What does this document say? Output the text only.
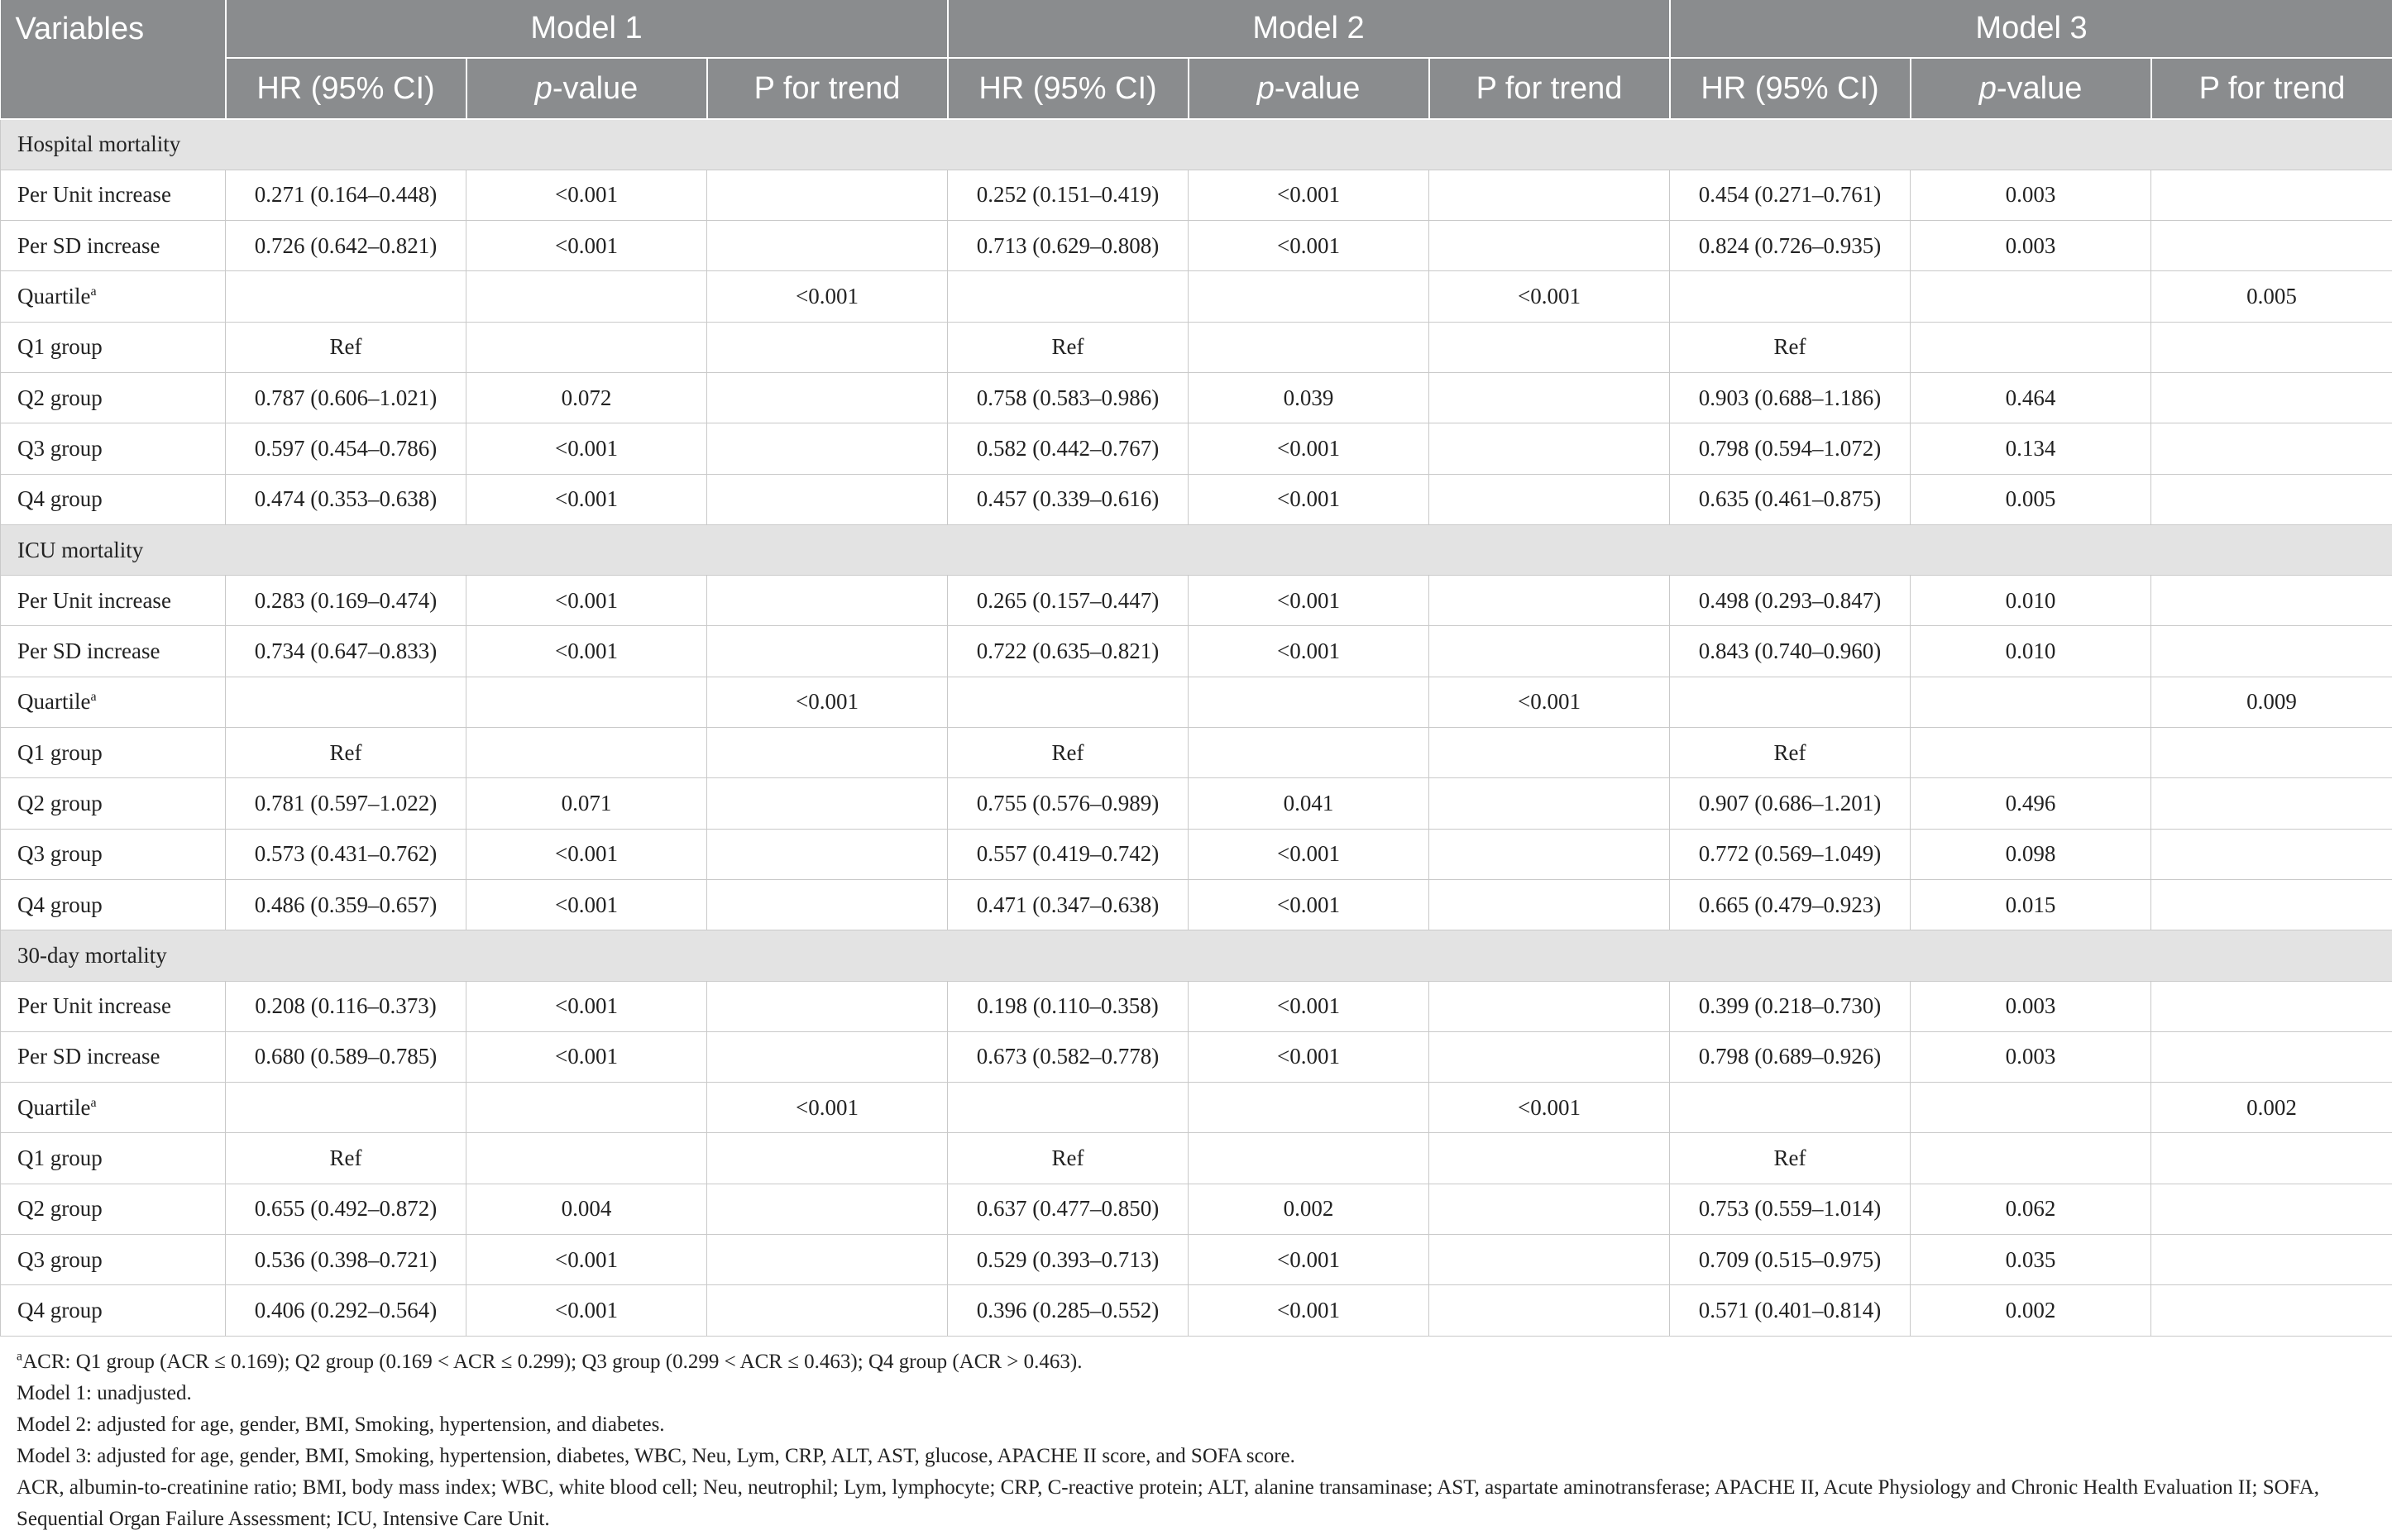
Variables	Model 1			Model 2			Model 3		
	HR (95% CI)	p-value	P for trend	HR (95% CI)	p-value	P for trend	HR (95% CI)	p-value	P for trend
Hospital mortality									
Per Unit increase	0.271 (0.164–0.448)	<0.001		0.252 (0.151–0.419)	<0.001		0.454 (0.271–0.761)	0.003	
Per SD increase	0.726 (0.642–0.821)	<0.001		0.713 (0.629–0.808)	<0.001		0.824 (0.726–0.935)	0.003	
Quartile$^a$			<0.001			<0.001			0.005
Q1 group	Ref			Ref			Ref		
Q2 group	0.787 (0.606–1.021)	0.072		0.758 (0.583–0.986)	0.039		0.903 (0.688–1.186)	0.464	
Q3 group	0.597 (0.454–0.786)	<0.001		0.582 (0.442–0.767)	<0.001		0.798 (0.594–1.072)	0.134	
Q4 group	0.474 (0.353–0.638)	<0.001		0.457 (0.339–0.616)	<0.001		0.635 (0.461–0.875)	0.005	
ICU mortality									
Per Unit increase	0.283 (0.169–0.474)	<0.001		0.265 (0.157–0.447)	<0.001		0.498 (0.293–0.847)	0.010	
Per SD increase	0.734 (0.647–0.833)	<0.001		0.722 (0.635–0.821)	<0.001		0.843 (0.740–0.960)	0.010	
Quartile$^a$			<0.001			<0.001			0.009
Q1 group	Ref			Ref			Ref		
Q2 group	0.781 (0.597–1.022)	0.071		0.755 (0.576–0.989)	0.041		0.907 (0.686–1.201)	0.496	
Q3 group	0.573 (0.431–0.762)	<0.001		0.557 (0.419–0.742)	<0.001		0.772 (0.569–1.049)	0.098	
Q4 group	0.486 (0.359–0.657)	<0.001		0.471 (0.347–0.638)	<0.001		0.665 (0.479–0.923)	0.015	
30-day mortality									
Per Unit increase	0.208 (0.116–0.373)	<0.001		0.198 (0.110–0.358)	<0.001		0.399 (0.218–0.730)	0.003	
Per SD increase	0.680 (0.589–0.785)	<0.001		0.673 (0.582–0.778)	<0.001		0.798 (0.689–0.926)	0.003	
Quartile$^a$			<0.001			<0.001			0.002
Q1 group	Ref			Ref			Ref		
Q2 group	0.655 (0.492–0.872)	0.004		0.637 (0.477–0.850)	0.002		0.753 (0.559–1.014)	0.062	
Q3 group	0.536 (0.398–0.721)	<0.001		0.529 (0.393–0.713)	<0.001		0.709 (0.515–0.975)	0.035	
Q4 group	0.406 (0.292–0.564)	<0.001		0.396 (0.285–0.552)	<0.001		0.571 (0.401–0.814)	0.002	

$^a$ACR: Q1 group (ACR ≤ 0.169); Q2 group (0.169 < ACR ≤ 0.299); Q3 group (0.299 < ACR ≤ 0.463); Q4 group (ACR > 0.463).

Model 1: unadjusted.

Model 2: adjusted for age, gender, BMI, Smoking, hypertension, and diabetes.

Model 3: adjusted for age, gender, BMI, Smoking, hypertension, diabetes, WBC, Neu, Lym, CRP, ALT, AST, glucose, APACHE II score, and SOFA score.

ACR, albumin-to-creatinine ratio; BMI, body mass index; WBC, white blood cell; Neu, neutrophil; Lym, lymphocyte; CRP, C-reactive protein; ALT, alanine transaminase; AST, aspartate aminotransferase; APACHE II, Acute Physiology and Chronic Health Evaluation II; SOFA, Sequential Organ Failure Assessment; ICU, Intensive Care Unit.
